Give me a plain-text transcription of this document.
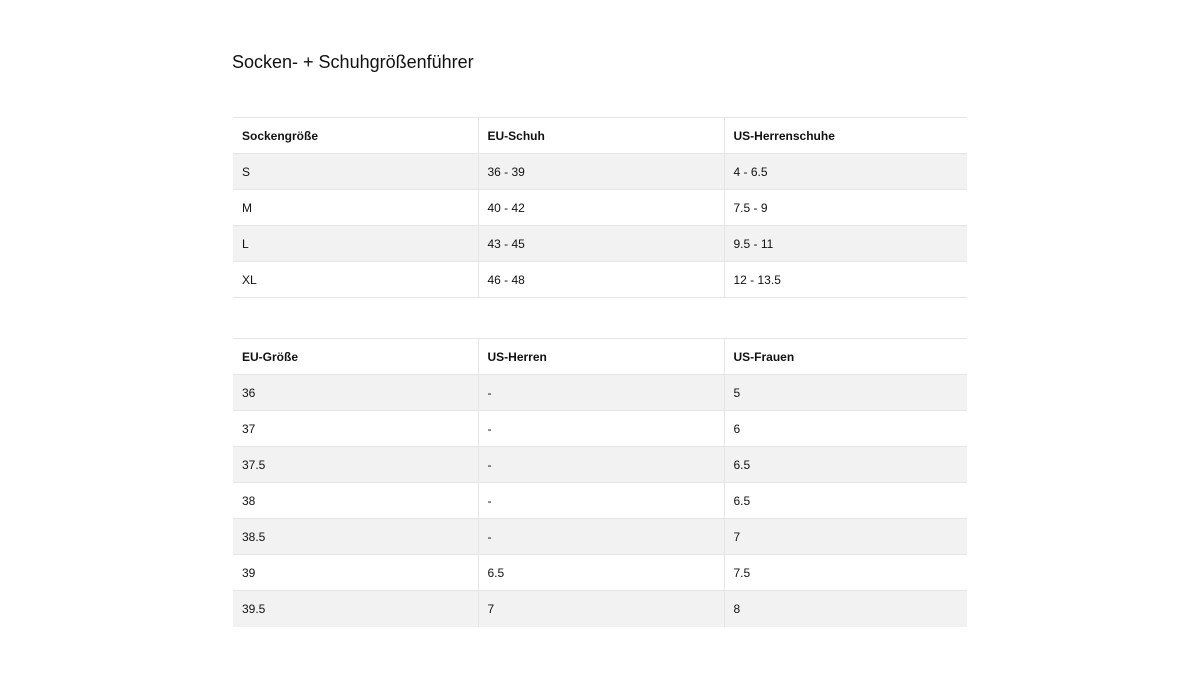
Socken- + Schuhgrößenführer
Sockengröße	EU-Schuh	US-Herrenschuhe
S	36 - 39	4 - 6.5
M	40 - 42	7.5 - 9
L	43 - 45	9.5 - 11
XL	46 - 48	12 - 13.5
EU-Größe	US-Herren	US-Frauen
36	-	5
37	-	6
37.5	-	6.5
38	-	6.5
38.5	-	7
39	6.5	7.5
39.5	7	8
